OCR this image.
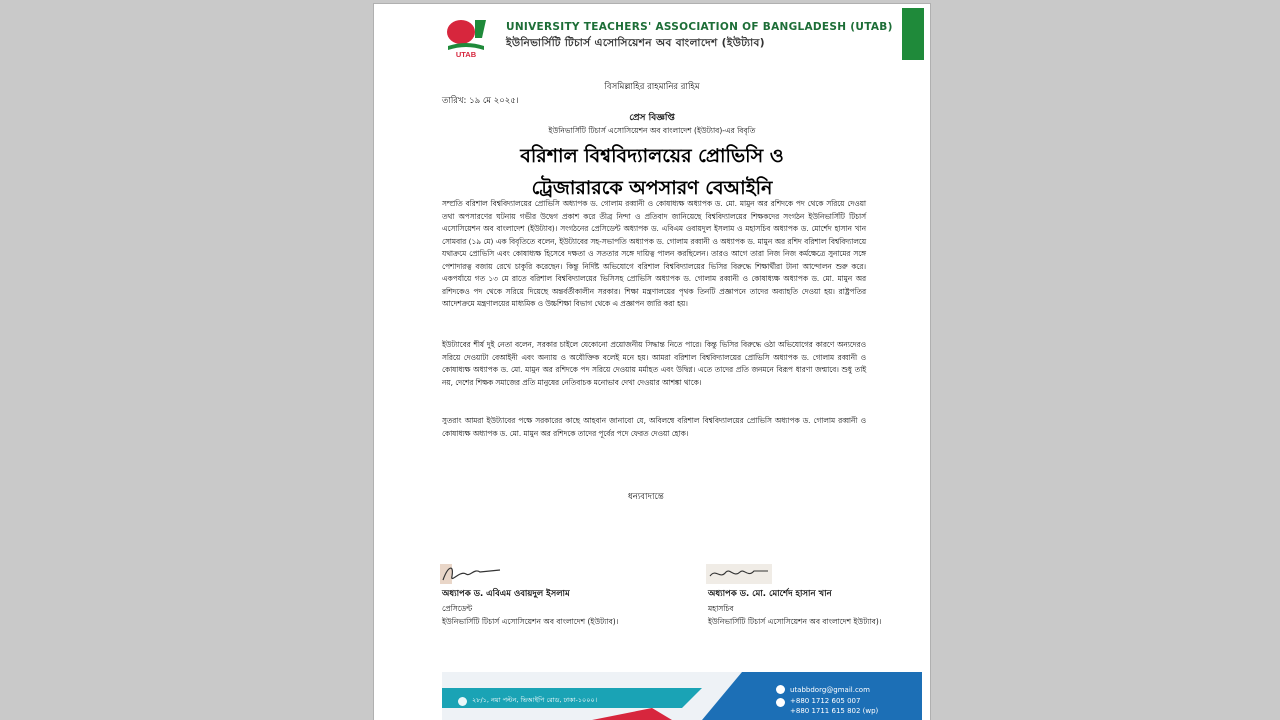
UTAB
UNIVERSITY TEACHERS' ASSOCIATION OF BANGLADESH (UTAB)
ইউনিভার্সিটি টিচার্স এসোসিয়েশন অব বাংলাদেশ (ইউট্যাব)
বিসমিল্লাহির রাহমানির রাহিম
তারিখ: ১৯ মে ২০২৫।
প্রেস বিজ্ঞপ্তি
ইউনিভার্সিটি টিচার্স এসোসিয়েশন অব বাংলাদেশ (ইউট্যাব)-এর বিবৃতি
বরিশাল বিশ্ববিদ্যালয়ের প্রোভিসি ও
ট্রেজারারকে অপসারণ বেআইনি

সম্প্রতি বরিশাল বিশ্ববিদ্যালয়ের প্রোভিসি অধ্যাপক ড. গোলাম রব্বানী ও কোষাধ্যক্ষ অধ্যাপক ড. মো. মামুন অর রশিদকে পদ থেকে সরিয়ে দেওয়া তথা অপসারণের ঘটনায় গভীর উদ্বেগ প্রকাশ করে তীব্র নিন্দা ও প্রতিবাদ জানিয়েছে বিশ্ববিদ্যালয়ের শিক্ষকদের সংগঠন ইউনিভার্সিটি টিচার্স এসোসিয়েশন অব বাংলাদেশ (ইউট্যাব)। সংগঠনের প্রেসিডেন্ট অধ্যাপক ড. এবিএম ওবায়দুল ইসলাম ও মহাসচিব অধ্যাপক ড. মোর্শেদ হাসান খান সোমবার (১৯ মে) এক বিবৃতিতে বলেন, ইউট্যাবের সহ-সভাপতি অধ্যাপক ড. গোলাম রব্বানী ও অধ্যাপক ড. মামুন অর রশিদ বরিশাল বিশ্ববিদ্যালয়ে যথাক্রমে প্রোভিসি এবং কোষাধ্যক্ষ হিসেবে দক্ষতা ও সততার সঙ্গে দায়িত্ব পালন করছিলেন। তারও আগে তারা নিজ নিজ কর্মক্ষেত্রে সুনামের সঙ্গে পেশাদারত্ব বজায় রেখে চাকুরি করেছেন। কিন্তু নির্দিষ্ট অভিযোগে বরিশাল বিশ্ববিদ্যালয়ের ভিসির বিরুদ্ধে শিক্ষার্থীরা টানা আন্দোলন শুরু করে। একপর্যায়ে গত ১৩ মে রাতে বরিশাল বিশ্ববিদ্যালয়ের ভিসিসহ প্রোভিসি অধ্যাপক ড. গোলাম রব্বানী ও কোষাধ্যক্ষ অধ্যাপক ড. মো. মামুন অর রশিদকেও পদ থেকে সরিয়ে দিয়েছে অন্তর্বর্তীকালীন সরকার। শিক্ষা মন্ত্রণালয়ের পৃথক তিনটি প্রজ্ঞাপনে তাদের অব্যাহতি দেওয়া হয়। রাষ্ট্রপতির আদেশক্রমে মন্ত্রণালয়ের মাধ্যমিক ও উচ্চশিক্ষা বিভাগ থেকে এ প্রজ্ঞাপন জারি করা হয়।

ইউট্যাবের শীর্ষ দুই নেতা বলেন, সরকার চাইলে যেকোনো প্রয়োজনীয় সিদ্ধান্ত নিতে পারে। কিন্তু ভিসির বিরুদ্ধে ওঠা অভিযোগের কারণে অন্যদেরও সরিয়ে দেওয়াটা বেআইনী এবং অন্যায় ও অযৌক্তিক বলেই মনে হয়। আমরা বরিশাল বিশ্ববিদ্যালয়ের প্রোভিসি অধ্যাপক ড. গোলাম রব্বানী ও কোষাধ্যক্ষ অধ্যাপক ড. মো. মামুন অর রশিদকে পদ সরিয়ে দেওয়ায় মর্মাহত এবং উদ্বিগ্ন। এতে তাদের প্রতি জনমনে বিরূপ ধারণা জন্মাবে। শুধু তাই নয়, দেশের শিক্ষক সমাজের প্রতি মানুষের নেতিবাচক মনোভাব দেখা দেওয়ার আশঙ্কা থাকে।

সুতরাং আমরা ইউট্যাবের পক্ষে সরকারের কাছে আহবান জানাবো যে, অবিলম্বে বরিশাল বিশ্ববিদ্যালয়ের প্রোভিসি অধ্যাপক ড. গোলাম রব্বানী ও কোষাধ্যক্ষ অধ্যাপক ড. মো. মামুন অর রশিদকে তাদের পূর্বের পদে ফেরত দেওয়া হোক।

ধন্যবাদান্তে
অধ্যাপক ড. এবিএম ওবায়দুল ইসলাম
প্রেসিডেন্ট
ইউনিভার্সিটি টিচার্স এসোসিয়েশন অব বাংলাদেশ (ইউট্যাব)।
অধ্যাপক ড. মো. মোর্শেদ হাসান খান
মহাসচিব
ইউনিভার্সিটি টিচার্স এসোসিয়েশন অব বাংলাদেশ ইউট্যাব)।
২৮/১, নয়া পল্টন, ভিআইপি রোড, ঢাকা-১০০০।
utabbdorg@gmail.com
+880 1712 605 007
+880 1711 615 802 (wp)
